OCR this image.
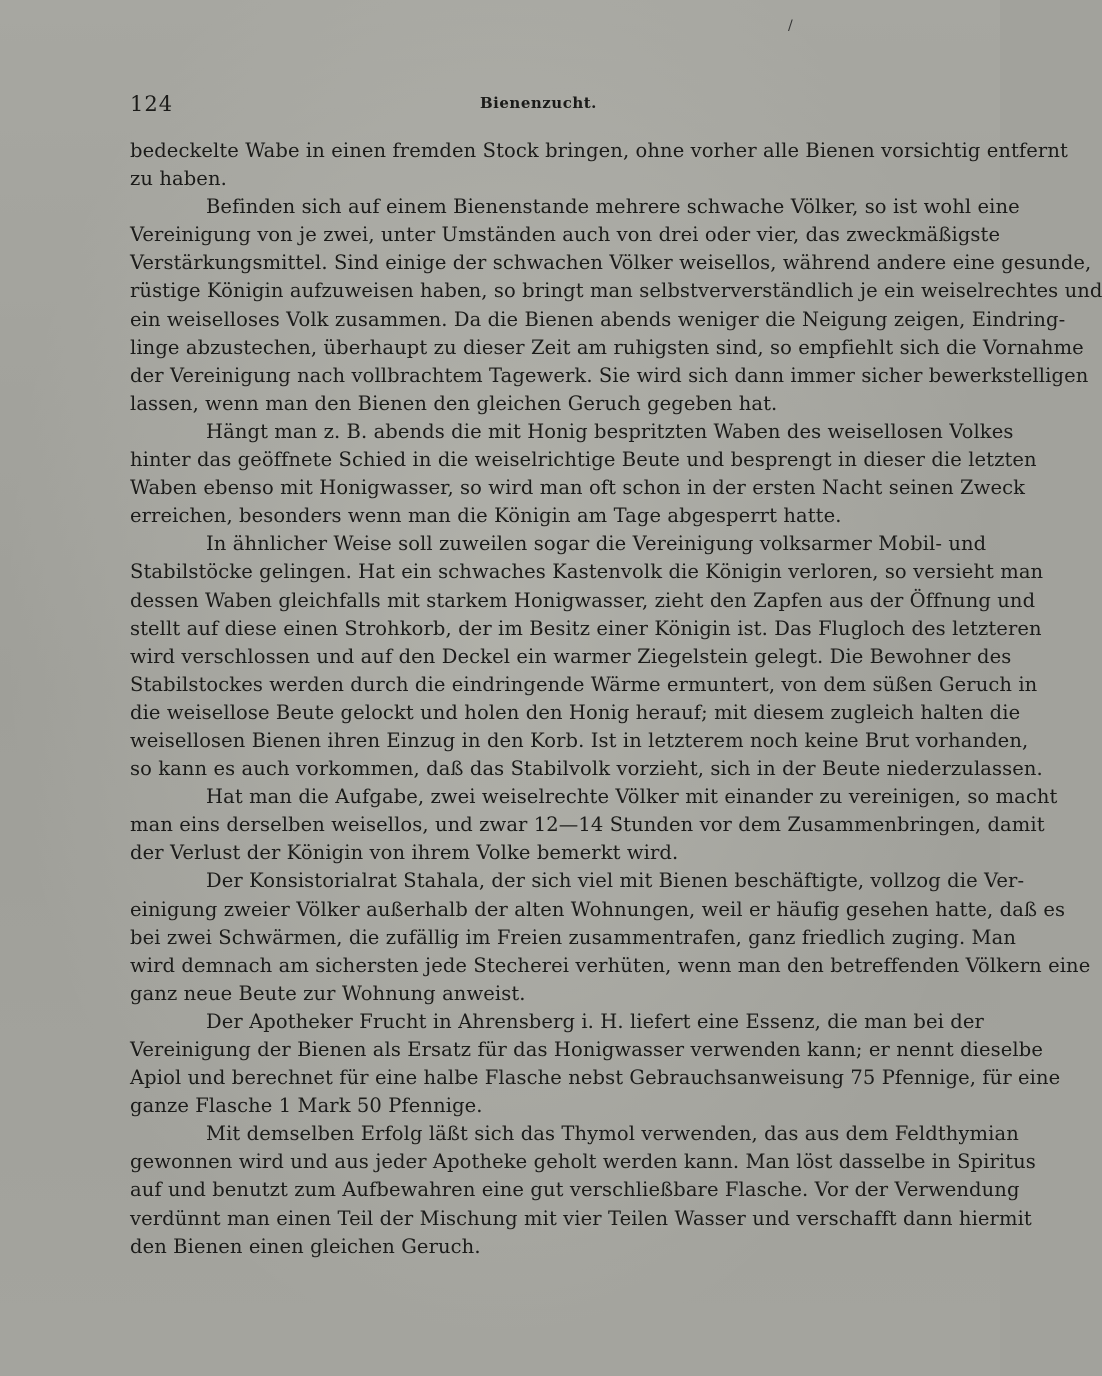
/
124	Bienenzucht.
bedeckelte Wabe in einen fremden Stock bringen, ohne vorher alle Bienen vorsichtig entfernt
zu haben.
Befinden sich auf einem Bienenstande mehrere schwache Völker, so ist wohl eine
Vereinigung von je zwei, unter Umständen auch von drei oder vier, das zweckmäßigste
Verstärkungsmittel. Sind einige der schwachen Völker weisellos, während andere eine gesunde,
rüstige Königin aufzuweisen haben, so bringt man selbstververständlich je ein weiselrechtes und
ein weiselloses Volk zusammen. Da die Bienen abends weniger die Neigung zeigen, Eindring-
linge abzustechen, überhaupt zu dieser Zeit am ruhigsten sind, so empfiehlt sich die Vornahme
der Vereinigung nach vollbrachtem Tagewerk. Sie wird sich dann immer sicher bewerkstelligen
lassen, wenn man den Bienen den gleichen Geruch gegeben hat.
Hängt man z. B. abends die mit Honig bespritzten Waben des weisellosen Volkes
hinter das geöffnete Schied in die weiselrichtige Beute und besprengt in dieser die letzten
Waben ebenso mit Honigwasser, so wird man oft schon in der ersten Nacht seinen Zweck
erreichen, besonders wenn man die Königin am Tage abgesperrt hatte.
In ähnlicher Weise soll zuweilen sogar die Vereinigung volksarmer Mobil- und
Stabilstöcke gelingen. Hat ein schwaches Kastenvolk die Königin verloren, so versieht man
dessen Waben gleichfalls mit starkem Honigwasser, zieht den Zapfen aus der Öffnung und
stellt auf diese einen Strohkorb, der im Besitz einer Königin ist. Das Flugloch des letzteren
wird verschlossen und auf den Deckel ein warmer Ziegelstein gelegt. Die Bewohner des
Stabilstockes werden durch die eindringende Wärme ermuntert, von dem süßen Geruch in
die weisellose Beute gelockt und holen den Honig herauf; mit diesem zugleich halten die
weisellosen Bienen ihren Einzug in den Korb. Ist in letzterem noch keine Brut vorhanden,
so kann es auch vorkommen, daß das Stabilvolk vorzieht, sich in der Beute niederzulassen.
Hat man die Aufgabe, zwei weiselrechte Völker mit einander zu vereinigen, so macht
man eins derselben weisellos, und zwar 12—14 Stunden vor dem Zusammenbringen, damit
der Verlust der Königin von ihrem Volke bemerkt wird.
Der Konsistorialrat Stahala, der sich viel mit Bienen beschäftigte, vollzog die Ver-
einigung zweier Völker außerhalb der alten Wohnungen, weil er häufig gesehen hatte, daß es
bei zwei Schwärmen, die zufällig im Freien zusammentrafen, ganz friedlich zuging. Man
wird demnach am sichersten jede Stecherei verhüten, wenn man den betreffenden Völkern eine
ganz neue Beute zur Wohnung anweist.
Der Apotheker Frucht in Ahrensberg i. H. liefert eine Essenz, die man bei der
Vereinigung der Bienen als Ersatz für das Honigwasser verwenden kann; er nennt dieselbe
Apiol und berechnet für eine halbe Flasche nebst Gebrauchsanweisung 75 Pfennige, für eine
ganze Flasche 1 Mark 50 Pfennige.
Mit demselben Erfolg läßt sich das Thymol verwenden, das aus dem Feldthymian
gewonnen wird und aus jeder Apotheke geholt werden kann. Man löst dasselbe in Spiritus
auf und benutzt zum Aufbewahren eine gut verschließbare Flasche. Vor der Verwendung
verdünnt man einen Teil der Mischung mit vier Teilen Wasser und verschafft dann hiermit
den Bienen einen gleichen Geruch.
